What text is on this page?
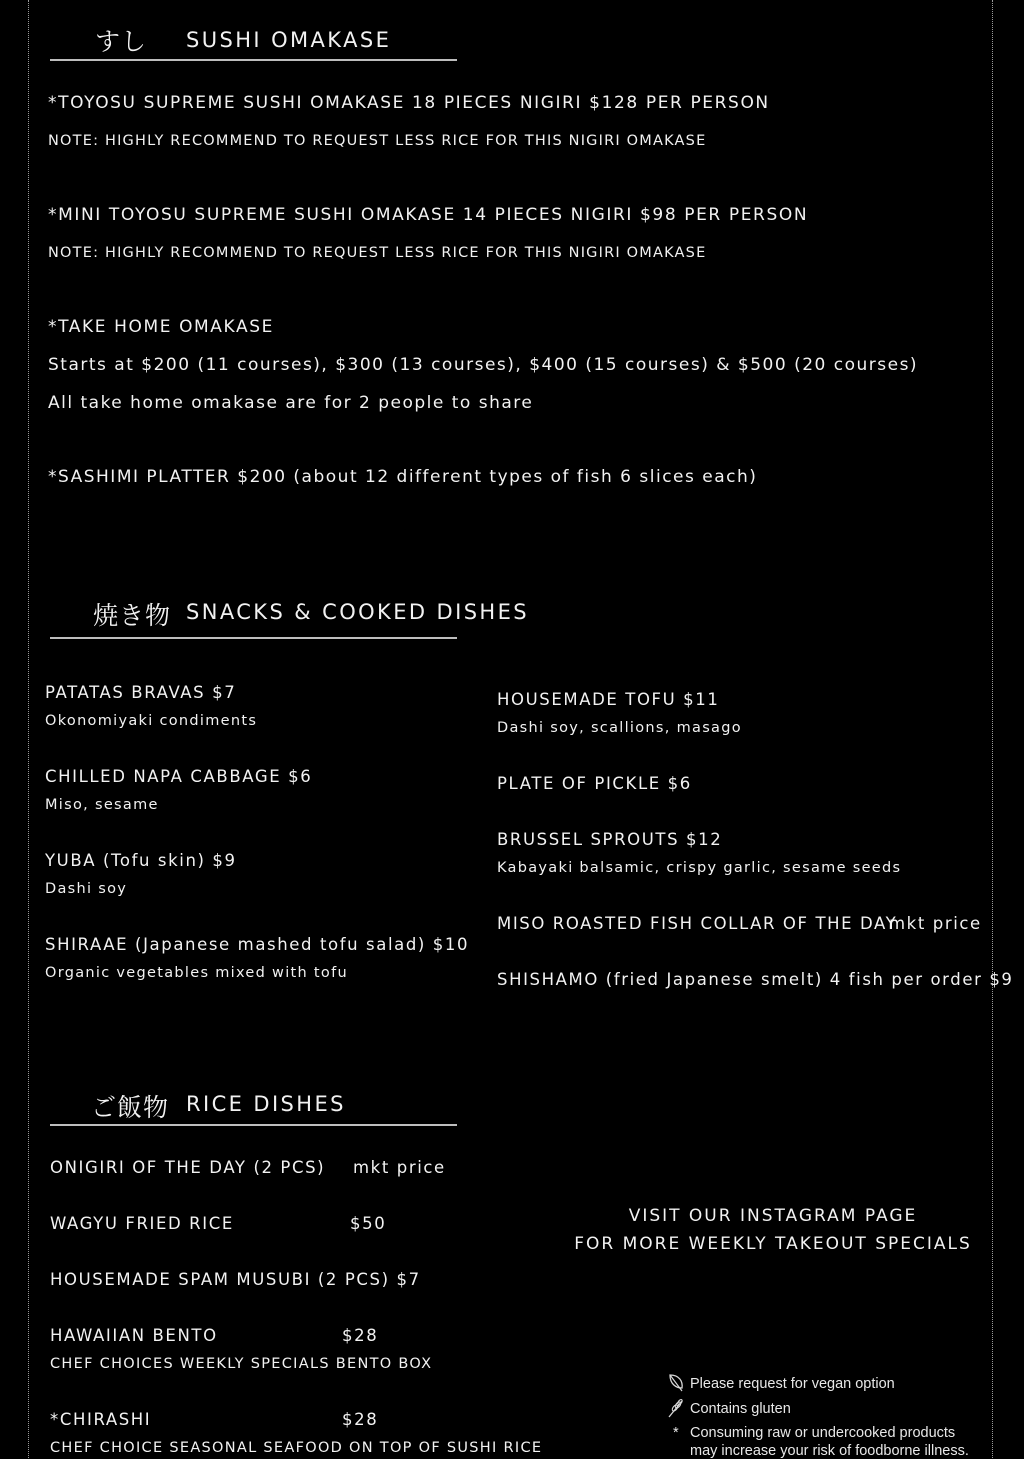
すし SUSHI OMAKASE
*TOYOSU SUPREME SUSHI OMAKASE 18 PIECES NIGIRI $128 PER PERSON
NOTE: HIGHLY RECOMMEND TO REQUEST LESS RICE FOR THIS NIGIRI OMAKASE
*MINI TOYOSU SUPREME SUSHI OMAKASE 14 PIECES NIGIRI $98 PER PERSON
NOTE: HIGHLY RECOMMEND TO REQUEST LESS RICE FOR THIS NIGIRI OMAKASE
*TAKE HOME OMAKASE
Starts at $200 (11 courses), $300 (13 courses), $400 (15 courses) & $500 (20 courses)
All take home omakase are for 2 people to share
*SASHIMI PLATTER $200 (about 12 different types of fish 6 slices each)
焼き物 SNACKS & COOKED DISHES
PATATAS BRAVAS $7
Okonomiyaki condiments
CHILLED NAPA CABBAGE $6
Miso, sesame
YUBA (Tofu skin) $9
Dashi soy
SHIRAAE (Japanese mashed tofu salad) $10
Organic vegetables mixed with tofu
HOUSEMADE TOFU $11
Dashi soy, scallions, masago
PLATE OF PICKLE $6
BRUSSEL SPROUTS $12
Kabayaki balsamic, crispy garlic, sesame seeds
MISO ROASTED FISH COLLAR OF THE DAY
mkt price
SHISHAMO (fried Japanese smelt) 4 fish per order $9
ご飯物 RICE DISHES
ONIGIRI OF THE DAY (2 PCS) mkt price
WAGYU FRIED RICE	$50
HOUSEMADE SPAM MUSUBI (2 PCS) $7
HAWAIIAN BENTO	$28
CHEF CHOICES WEEKLY SPECIALS BENTO BOX
*CHIRASHI	$28
CHEF CHOICE SEASONAL SEAFOOD ON TOP OF SUSHI RICE
VISIT OUR INSTAGRAM PAGE
FOR MORE WEEKLY TAKEOUT SPECIALS
Please request for vegan option
Contains gluten
* Consuming raw or undercooked products
may increase your risk of foodborne illness.
